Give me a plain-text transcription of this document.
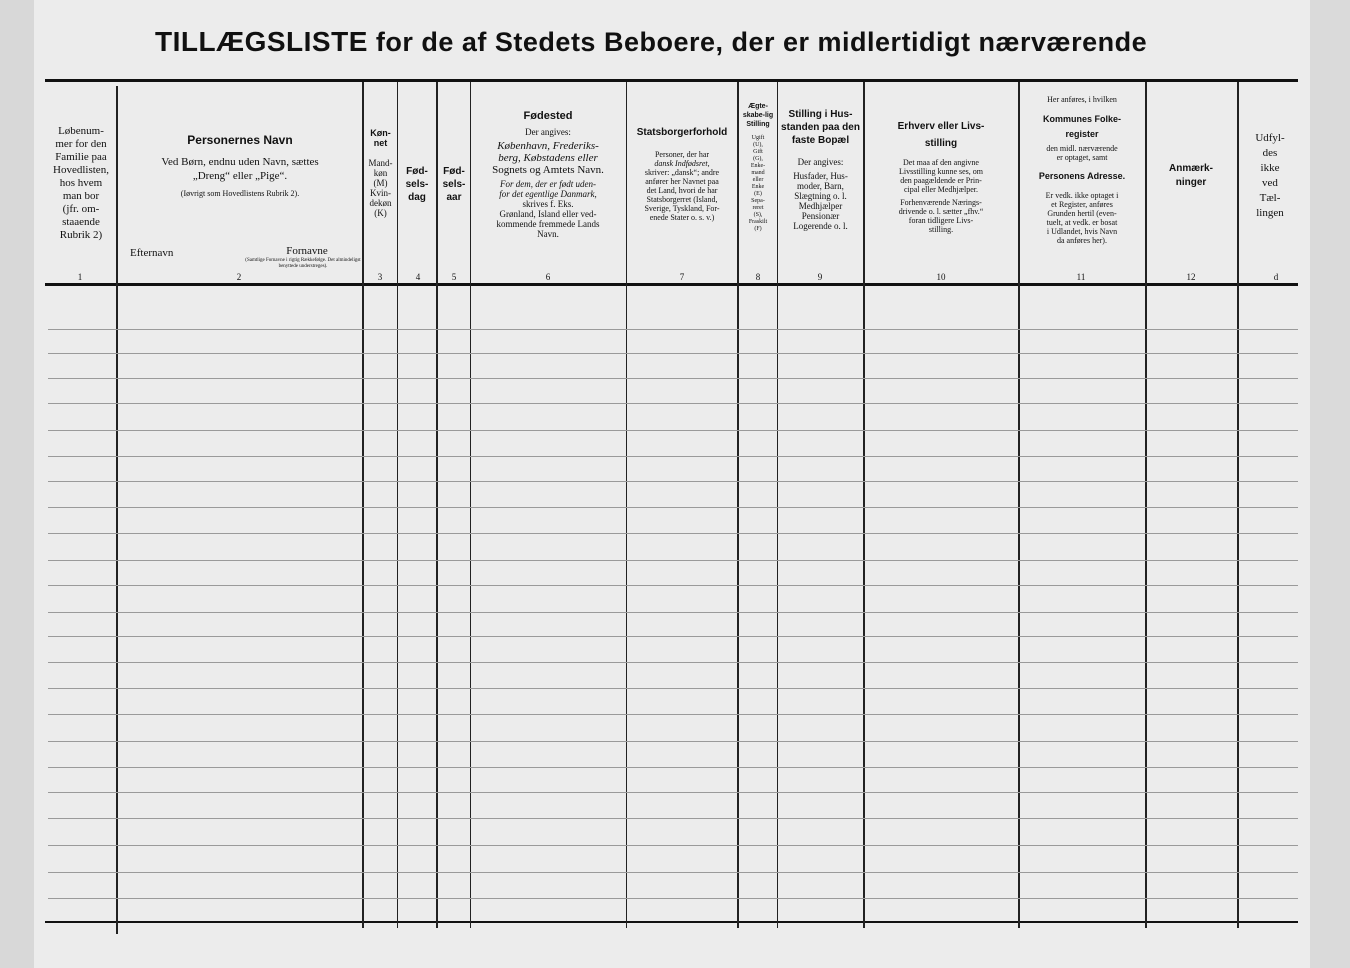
TILLÆGSLISTE for de af Stedets Beboere, der er midlertidigt nærværende
Løbenum-
mer for den
Familie paa
Hovedlisten,
hos hvem
man bor
(jfr. om-
staaende
Rubrik 2)
Personernes Navn
Ved Børn, endnu uden Navn, sættes
„Dreng“ eller „Pige“.
(Iøvrigt som Hovedlistens Rubrik 2).
Efternavn	Fornavne
(Samtlige Fornavne i rigtig Rækkefølge. Det almindeligst benyttede understreges).
Køn-net
Mand-
køn
(M)
Kvin-
dekøn
(K)
Fød-sels-dag
Fød-sels-aar
Fødested
Der angives:
København, Frederiks-
berg, Købstadens eller
Sognets og Amtets Navn.
For dem, der er født uden-
for det egentlige Danmark,
skrives f. Eks.
Grønland, Island eller ved-
kommende fremmede Lands
Navn.
Statsborgerforhold
Personer, der har
dansk Indfødsret,
skriver: „dansk“; andre
anfører her Navnet paa
det Land, hvori de har
Statsborgerret (Island,
Sverige, Tyskland, For-
enede Stater o. s. v.)
Ægte-skabe-lig Stilling
Ugift
(U),
Gift
(G),
Enke-
mand
eller
Enke
(E)
Sepa-
reret
(S),
Fraskilt
(F)
Stilling i Hus-standen paa den faste Bopæl
Der angives:
Husfader, Hus-
moder, Barn,
Slægtning o. l.
Medhjælper
Pensionær
Logerende o. l.
Erhverv eller Livs-stilling
Det maa af den angivne
Livsstilling kunne ses, om
den paagældende er Prin-
cipal eller Medhjælper.
Forhenværende Nærings-
drivende o. l. sætter „fhv.“
foran tidligere Livs-
stilling.
Her anføres, i hvilken
Kommunes Folke-register
den midl. nærværende
er optaget, samt
Personens Adresse.
Er vedk. ikke optaget i
et Register, anføres
Grunden hertil (even-
tuelt, at vedk. er bosat
i Udlandet, hvis Navn
da anføres her).
Anmærk-ninger
Udfyl-
des
ikke
ved
Tæl-
lingen
1	2	3	4	5	6	7	8	9	10	11	12	d
